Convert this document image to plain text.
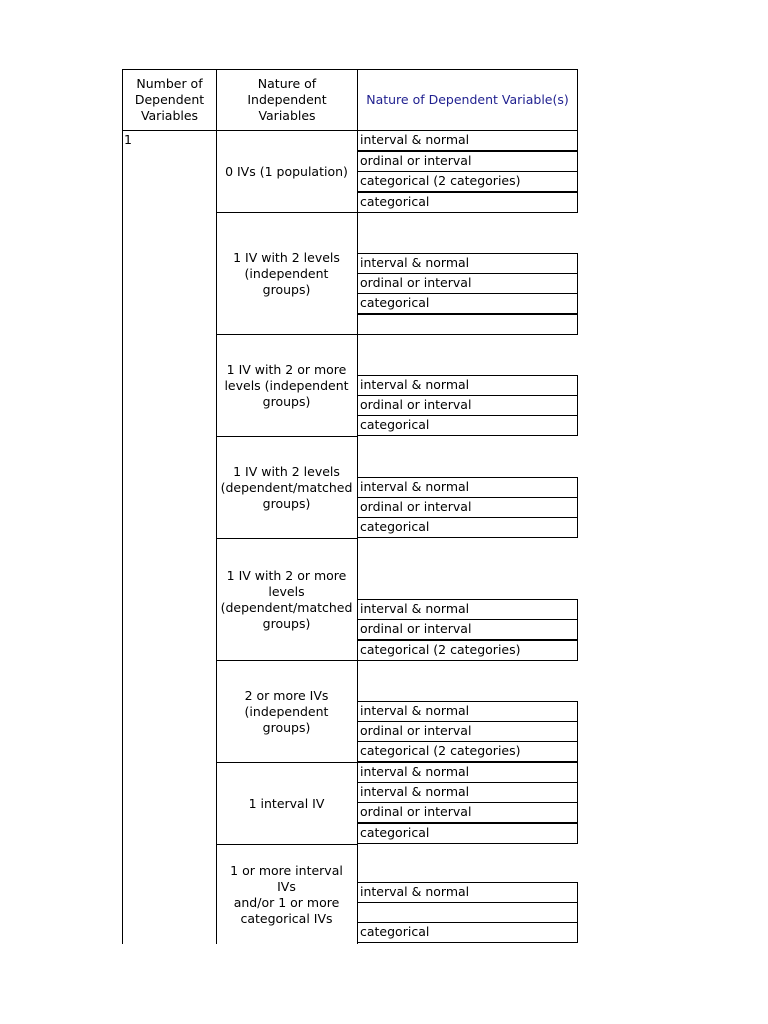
Number of
Dependent
Variables
Nature of
Independent Variables
Nature of Dependent Variable(s)
1
0 IVs (1 population)
interval & normal
ordinal or interval
categorical (2 categories)
categorical
1 IV with 2 levels
(independent groups)
interval & normal
ordinal or interval
categorical
1 IV with 2 or more
levels (independent
groups)
interval & normal
ordinal or interval
categorical
1 IV with 2 levels
(dependent/matched
groups)
interval & normal
ordinal or interval
categorical
1 IV with 2 or more
levels
(dependent/matched
groups)
interval & normal
ordinal or interval
categorical (2 categories)
2 or more IVs
(independent groups)
interval & normal
ordinal or interval
categorical (2 categories)
1 interval IV
interval & normal
interval & normal
ordinal or interval
categorical
1 or more interval IVs
and/or 1 or more
categorical IVs
interval & normal
categorical
